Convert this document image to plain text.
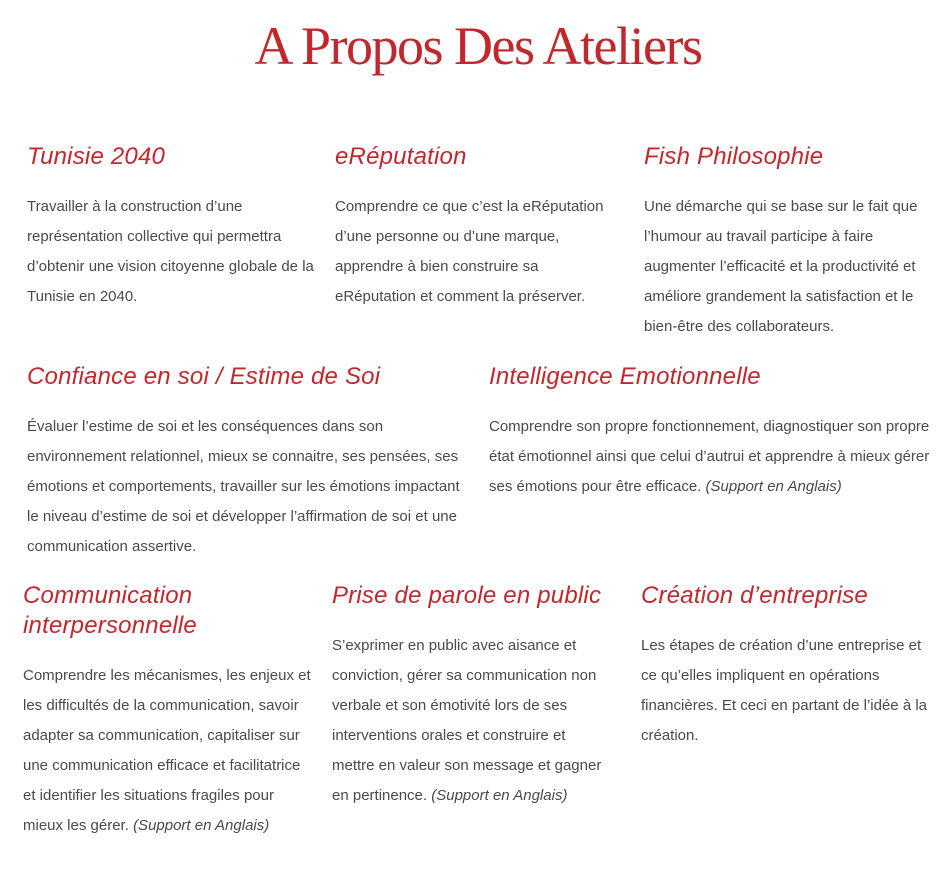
A Propos Des Ateliers
Tunisie 2040

Travailler à la construction d’une représentation collective qui permettra d’obtenir une vision citoyenne globale de la Tunisie en 2040.

eRéputation

Comprendre ce que c’est la eRéputation d’une personne ou d’une marque, apprendre à bien construire sa eRéputation et comment la préserver.

Fish Philosophie

Une démarche qui se base sur le fait que l’humour au travail participe à faire augmenter l’efficacité et la productivité et améliore grandement la satisfaction et le bien-être des collaborateurs.

Confiance en soi / Estime de Soi

Évaluer l’estime de soi et les conséquences dans son environnement relationnel, mieux se connaitre, ses pensées, ses émotions et comportements, travailler sur les émotions impactant le niveau d’estime de soi et développer l’affirmation de soi et une communication assertive.

Intelligence Emotionnelle

Comprendre son propre fonctionnement, diagnostiquer son propre état émotionnel ainsi que celui d’autrui et apprendre à mieux gérer ses émotions pour être efficace. (Support en Anglais)

Communication interpersonnelle

Comprendre les mécanismes, les enjeux et les difficultés de la communication, savoir adapter sa communication, capitaliser sur une communication efficace et facilitatrice et identifier les situations fragiles pour mieux les gérer. (Support en Anglais)

Prise de parole en public

S’exprimer en public avec aisance et conviction, gérer sa communication non verbale et son émotivité lors de ses interventions orales et construire et mettre en valeur son message et gagner en pertinence. (Support en Anglais)

Création d’entreprise

Les étapes de création d’une entreprise et ce qu’elles impliquent en opérations financières. Et ceci en partant de l’idée à la création.
